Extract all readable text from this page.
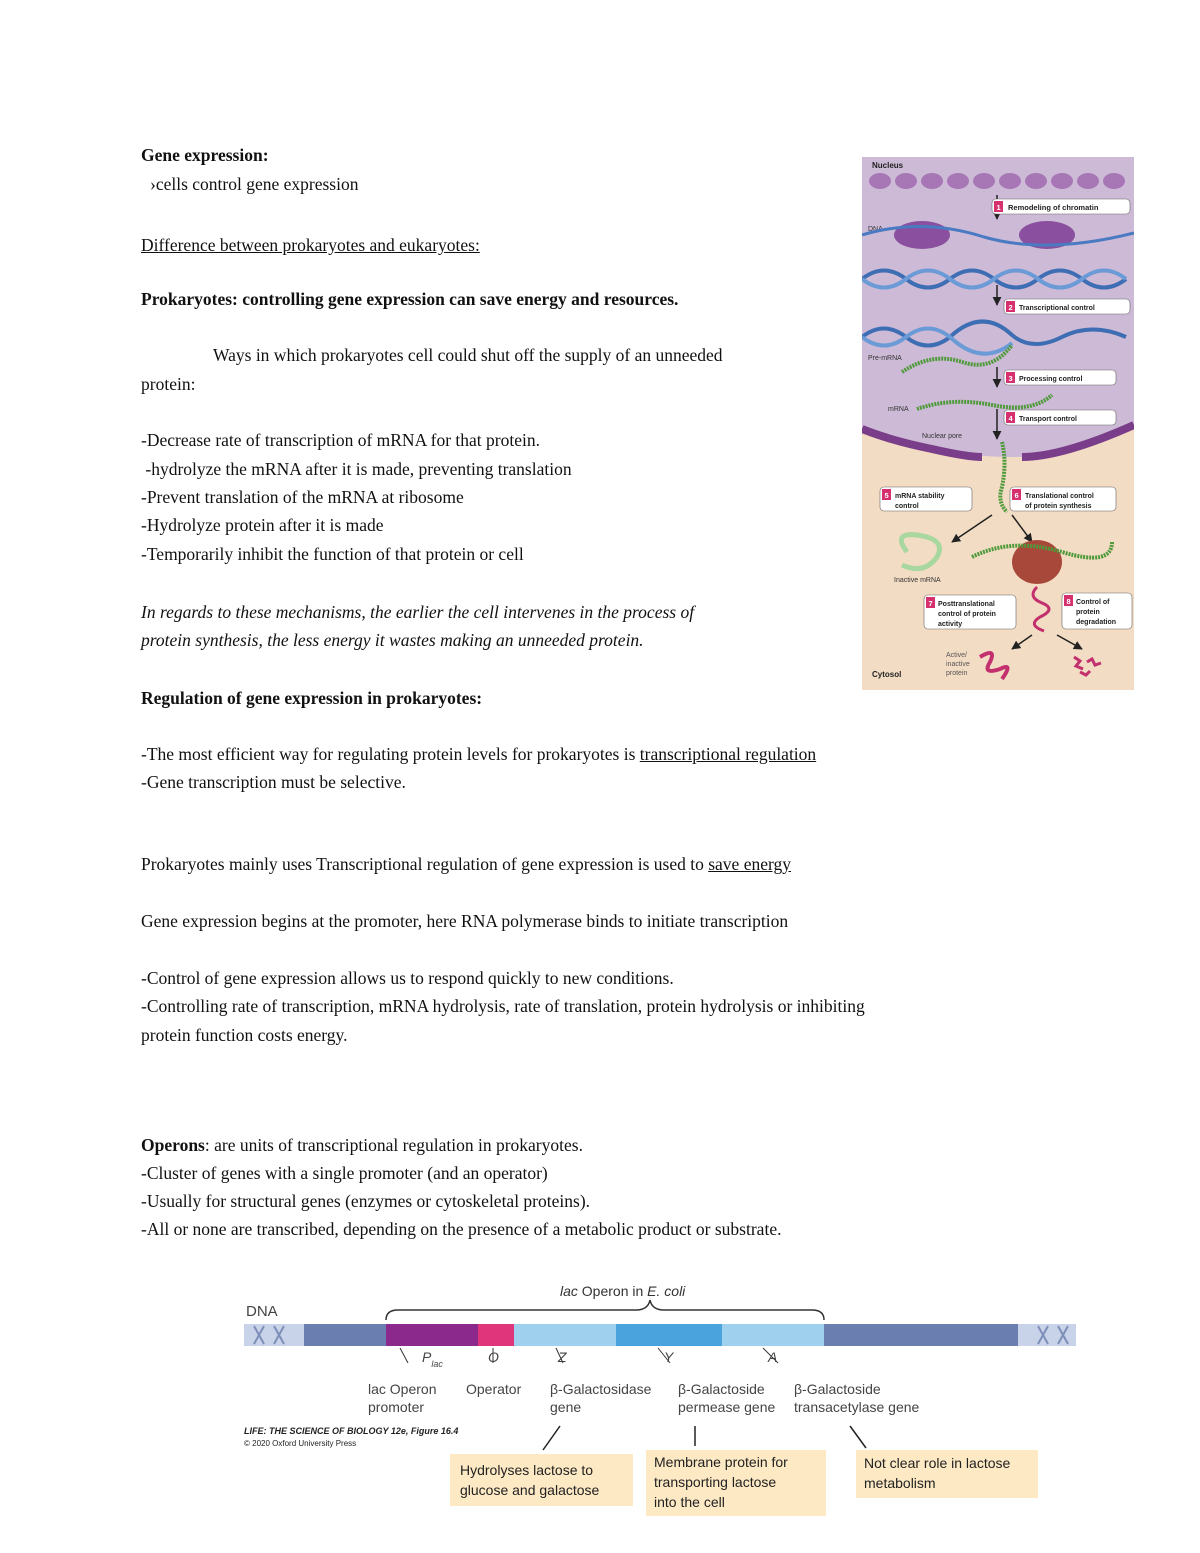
Gene expression:
›cells control gene expression
Difference between prokaryotes and eukaryotes:
Prokaryotes: controlling gene expression can save energy and resources.
Ways in which prokaryotes cell could shut off the supply of an unneeded
protein:
-Decrease rate of transcription of mRNA for that protein.
-hydrolyze the mRNA after it is made, preventing translation
-Prevent translation of the mRNA at ribosome
-Hydrolyze protein after it is made
-Temporarily inhibit the function of that protein or cell
In regards to these mechanisms, the earlier the cell intervenes in the process of
protein synthesis, the less energy it wastes making an unneeded protein.
Regulation of gene expression in prokaryotes:
-The most efficient way for regulating protein levels for prokaryotes is transcriptional regulation
-Gene transcription must be selective.
Prokaryotes mainly uses Transcriptional regulation of gene expression is used to save energy
Gene expression begins at the promoter, here RNA polymerase binds to initiate transcription
-Control of gene expression allows us to respond quickly to new conditions.
-Controlling rate of transcription, mRNA hydrolysis, rate of translation, protein hydrolysis or inhibiting
protein function costs energy.
Operons: are units of transcriptional regulation in prokaryotes.
-Cluster of genes with a single promoter (and an operator)
-Usually for structural genes (enzymes or cytoskeletal proteins).
-All or none are transcribed, depending on the presence of a metabolic product or substrate.
Nucleus
DNA
1 Remodeling of chromatin
2 Transcriptional control
Pre-mRNA
3 Processing control
mRNA
4 Transport control
Nuclear pore
5 mRNA stability
control
6 Translational control
of protein synthesis
Inactive mRNA
7 Posttranslational
control of protein
activity
8 Control of
protein
degradation
Active/
inactive
protein
Cytosol
DNA
lac Operon in E. coli
$P_{lac}$	O	Z	Y	A
lac Operon
promoter
Operator β-Galactosidase
gene
β-Galactoside
permease gene
β-Galactoside
transacetylase gene
LIFE: THE SCIENCE OF BIOLOGY 12e, Figure 16.4
© 2020 Oxford University Press
Hydrolyses lactose to
glucose and galactose
Membrane protein for
transporting lactose
into the cell
Not clear role in lactose
metabolism
